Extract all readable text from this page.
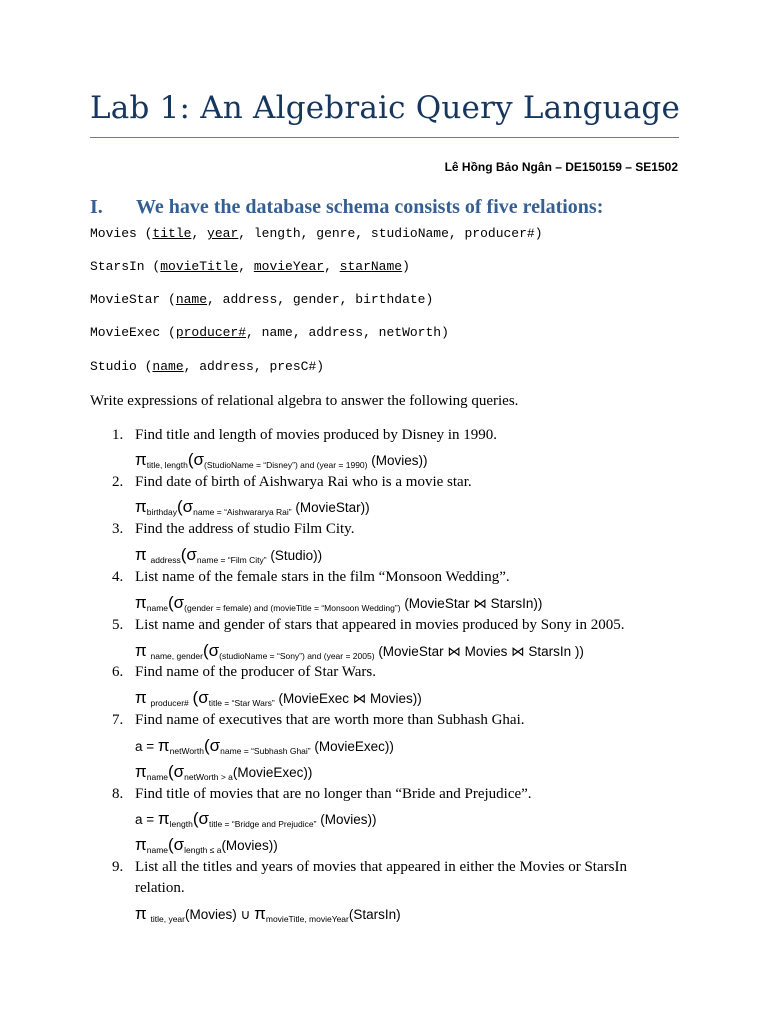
Lab 1: An Algebraic Query Language
Lê Hồng Bảo Ngân – DE150159 – SE1502
I. We have the database schema consists of five relations:
Movies (title, year, length, genre, studioName, producer#)
StarsIn (movieTitle, movieYear, starName)
MovieStar (name, address, gender, birthdate)
MovieExec (producer#, name, address, netWorth)
Studio (name, address, presC#)
Write expressions of relational algebra to answer the following queries.
1. Find title and length of movies produced by Disney in 1990.
2. Find date of birth of Aishwarya Rai who is a movie star.
3. Find the address of studio Film City.
4. List name of the female stars in the film “Monsoon Wedding”.
5. List name and gender of stars that appeared in movies produced by Sony in 2005.
6. Find name of the producer of Star Wars.
7. Find name of executives that are worth more than Subhash Ghai.
8. Find title of movies that are no longer than “Bride and Prejudice”.
9. List all the titles and years of movies that appeared in either the Movies or StarsIn
relation.
$\pi_{title, length}(\sigma_{(StudioName = “Disney”) and (year = 1990)}$ (Movies))
$\pi_{birthday}(\sigma_{name = “Aishwararya Rai”}$ (MovieStar))
π $_{address}(\sigma_{name = “Film City”}$ (Studio))
$\pi_{name}(\sigma_{(gender = female) and (movieTitle = “Monsoon Wedding”)}$ (MovieStar ⋈ StarsIn))
π $_{name, gender}(\sigma_{(studioName = “Sony”) and (year = 2005)}$ (MovieStar ⋈ Movies ⋈ StarsIn ))
π $_{producer\#}$ ($\sigma_{title = “Star Wars”}$ (MovieExec ⋈ Movies))
$a = \pi_{netWorth}(\sigma_{name = “Subhash Ghai”}$ (MovieExec))
$\pi_{name}(\sigma_{netWorth > a}(MovieExec))$
$a = \pi_{length}(\sigma_{title = “Bridge and Prejudice”}$ (Movies))
$\pi_{name}(\sigma_{length \le a}(Movies))$
π $_{title, year}$(Movies) ∪ $\pi_{movieTitle, movieYear}(StarsIn)$
